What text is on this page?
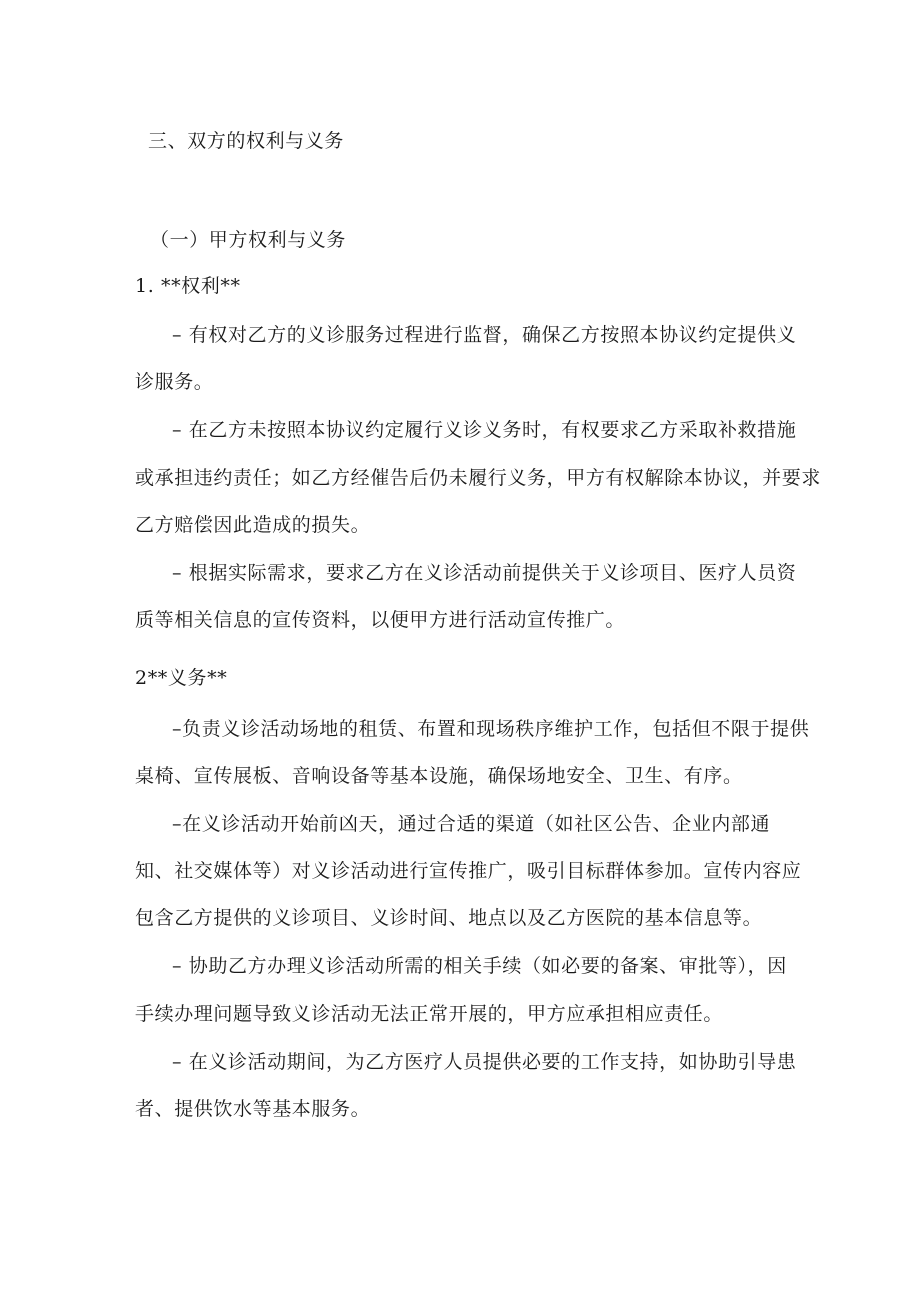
三、双方的权利与义务
（一）甲方权利与义务
1. **权利**
– 有权对乙方的义诊服务过程进行监督，确保乙方按照本协议约定提供义
诊服务。
– 在乙方未按照本协议约定履行义诊义务时，有权要求乙方采取补救措施
或承担违约责任；如乙方经催告后仍未履行义务，甲方有权解除本协议，并要求
乙方赔偿因此造成的损失。
– 根据实际需求，要求乙方在义诊活动前提供关于义诊项目、医疗人员资
质等相关信息的宣传资料，以便甲方进行活动宣传推广。
2**义务**
–负责义诊活动场地的租赁、布置和现场秩序维护工作，包括但不限于提供
桌椅、宣传展板、音响设备等基本设施，确保场地安全、卫生、有序。
–在义诊活动开始前凶天，通过合适的渠道（如社区公告、企业内部通
知、社交媒体等）对义诊活动进行宣传推广，吸引目标群体参加。宣传内容应
包含乙方提供的义诊项目、义诊时间、地点以及乙方医院的基本信息等。
– 协助乙方办理义诊活动所需的相关手续（如必要的备案、审批等），因
手续办理问题导致义诊活动无法正常开展的，甲方应承担相应责任。
– 在义诊活动期间，为乙方医疗人员提供必要的工作支持，如协助引导患
者、提供饮水等基本服务。
